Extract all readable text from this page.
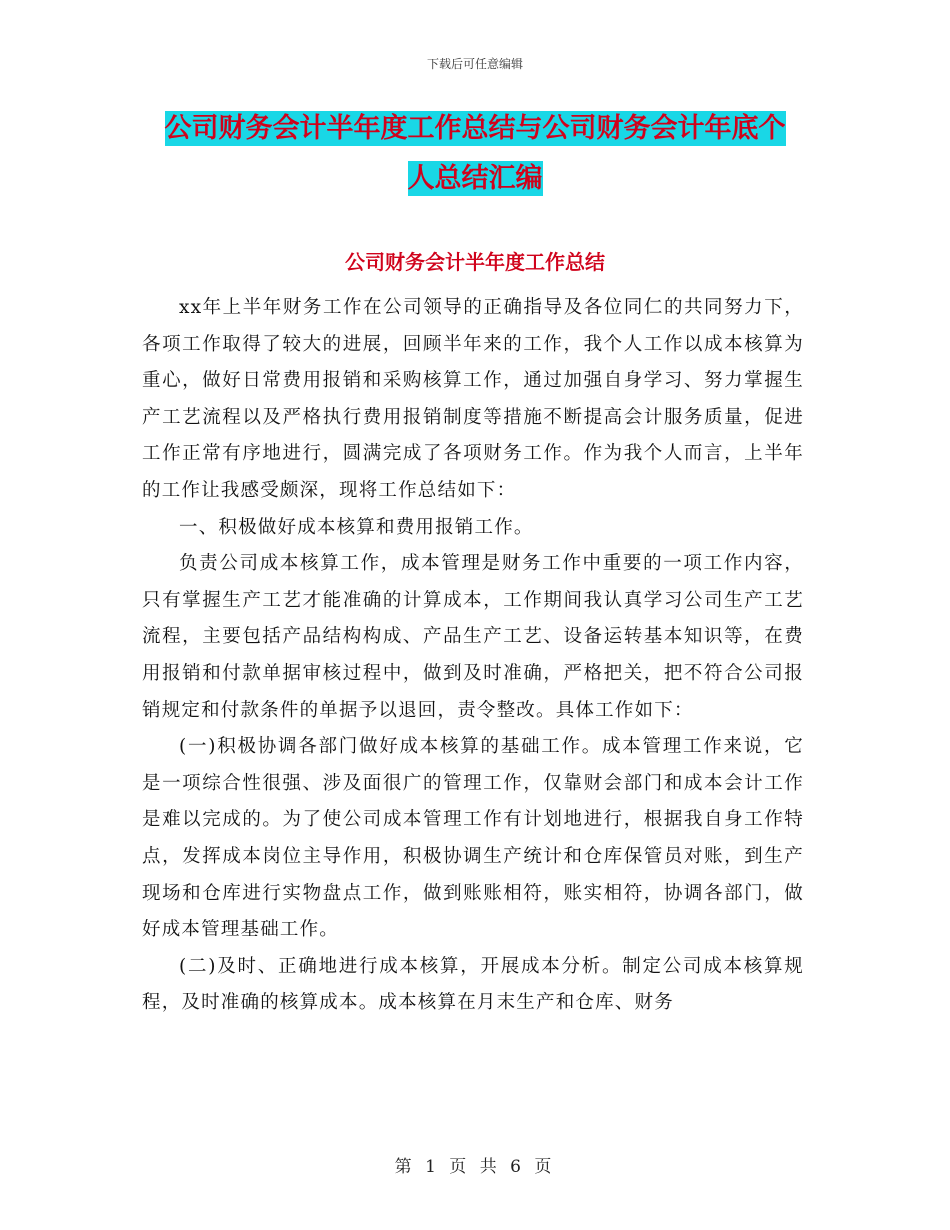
下载后可任意编辑
公司财务会计半年度工作总结与公司财务会计年底个
人总结汇编
公司财务会计半年度工作总结

xx年上半年财务工作在公司领导的正确指导及各位同仁的共同努力下，各项工作取得了较大的进展，回顾半年来的工作，我个人工作以成本核算为重心，做好日常费用报销和采购核算工作，通过加强自身学习、努力掌握生产工艺流程以及严格执行费用报销制度等措施不断提高会计服务质量，促进工作正常有序地进行，圆满完成了各项财务工作。作为我个人而言，上半年的工作让我感受颇深，现将工作总结如下：

一、积极做好成本核算和费用报销工作。

负责公司成本核算工作，成本管理是财务工作中重要的一项工作内容，只有掌握生产工艺才能准确的计算成本，工作期间我认真学习公司生产工艺流程，主要包括产品结构构成、产品生产工艺、设备运转基本知识等，在费用报销和付款单据审核过程中，做到及时准确，严格把关，把不符合公司报销规定和付款条件的单据予以退回，责令整改。具体工作如下：

(一)积极协调各部门做好成本核算的基础工作。成本管理工作来说，它是一项综合性很强、涉及面很广的管理工作，仅靠财会部门和成本会计工作是难以完成的。为了使公司成本管理工作有计划地进行，根据我自身工作特点，发挥成本岗位主导作用，积极协调生产统计和仓库保管员对账，到生产现场和仓库进行实物盘点工作，做到账账相符，账实相符，协调各部门，做好成本管理基础工作。

(二)及时、正确地进行成本核算，开展成本分析。制定公司成本核算规程，及时准确的核算成本。成本核算在月末生产和仓库、财务

第 1 页 共 6 页
